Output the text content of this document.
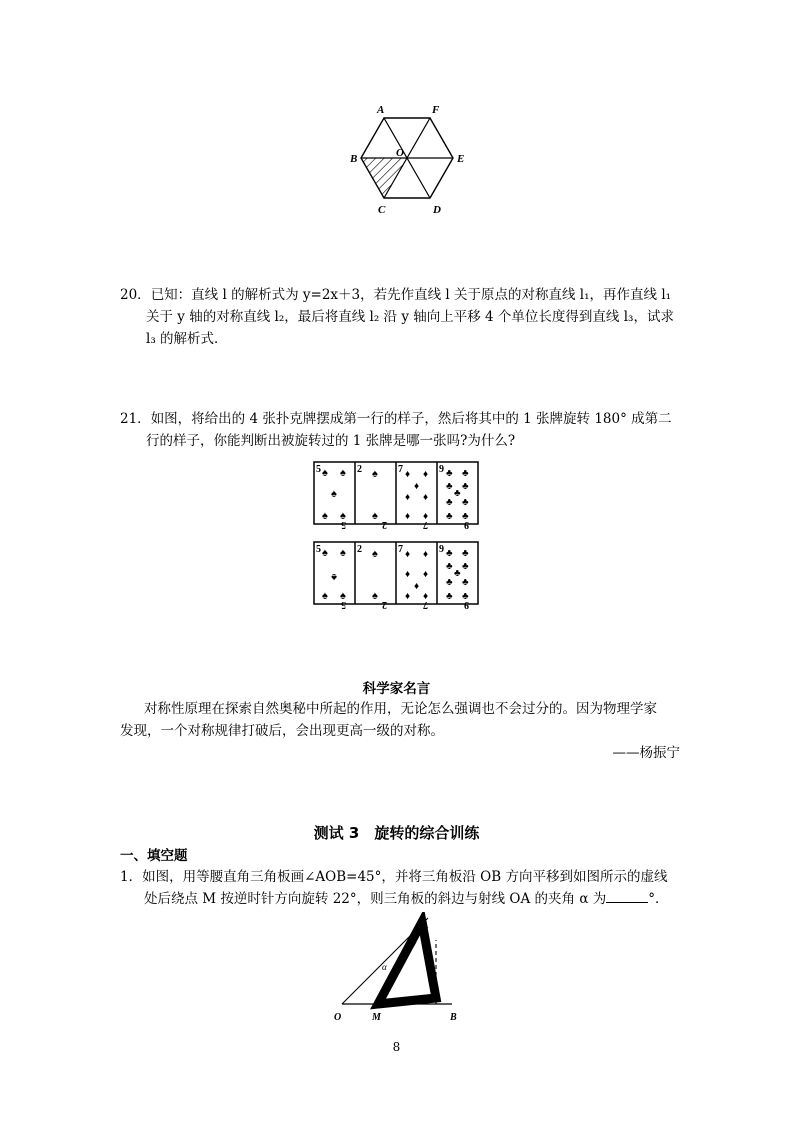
A	F
B	O	E
C	D
20．已知：直线 l 的解析式为 y=2x＋3，若先作直线 l 关于原点的对称直线 l₁，再作直线 l₁
关于 y 轴的对称直线 l₂，最后将直线 l₂ 沿 y 轴向上平移 4 个单位长度得到直线 l₃，试求
l₃ 的解析式．
21．如图，将给出的 4 张扑克牌摆成第一行的样子，然后将其中的 1 张牌旋转 180° 成第二
行的样子，你能判断出被旋转过的 1 张牌是哪一张吗?为什么?
5 ♠ ♠
♠
♠ ♠
5
2 ♠
♠
2
7 ♦ ♦
♦
♦ ♦
♦ ♦
7
9 ♣ ♣
♣ ♣
♣
♣ ♣
♣ ♣
9
5 ♠ ♠
♠
♠ ♠
5
2 ♠
♠
2
7 ♦ ♦
♦ ♦
♦
♦ ♦
7
9 ♣ ♣
♣ ♣
♣
♣ ♣
♣ ♣
9
科学家名言
对称性原理在探索自然奥秘中所起的作用，无论怎么强调也不会过分的。因为物理学家
发现，一个对称规律打破后，会出现更高一级的对称。
——杨振宁
测试 3　旋转的综合训练
一、填空题
1．如图，用等腰直角三角板画∠AOB=45°，并将三角板沿 OB 方向平移到如图所示的虚线
处后绕点 M 按逆时针方向旋转 22°，则三角板的斜边与射线 OA 的夹角 α 为	°．
A
O	M	B
α
22°
8
